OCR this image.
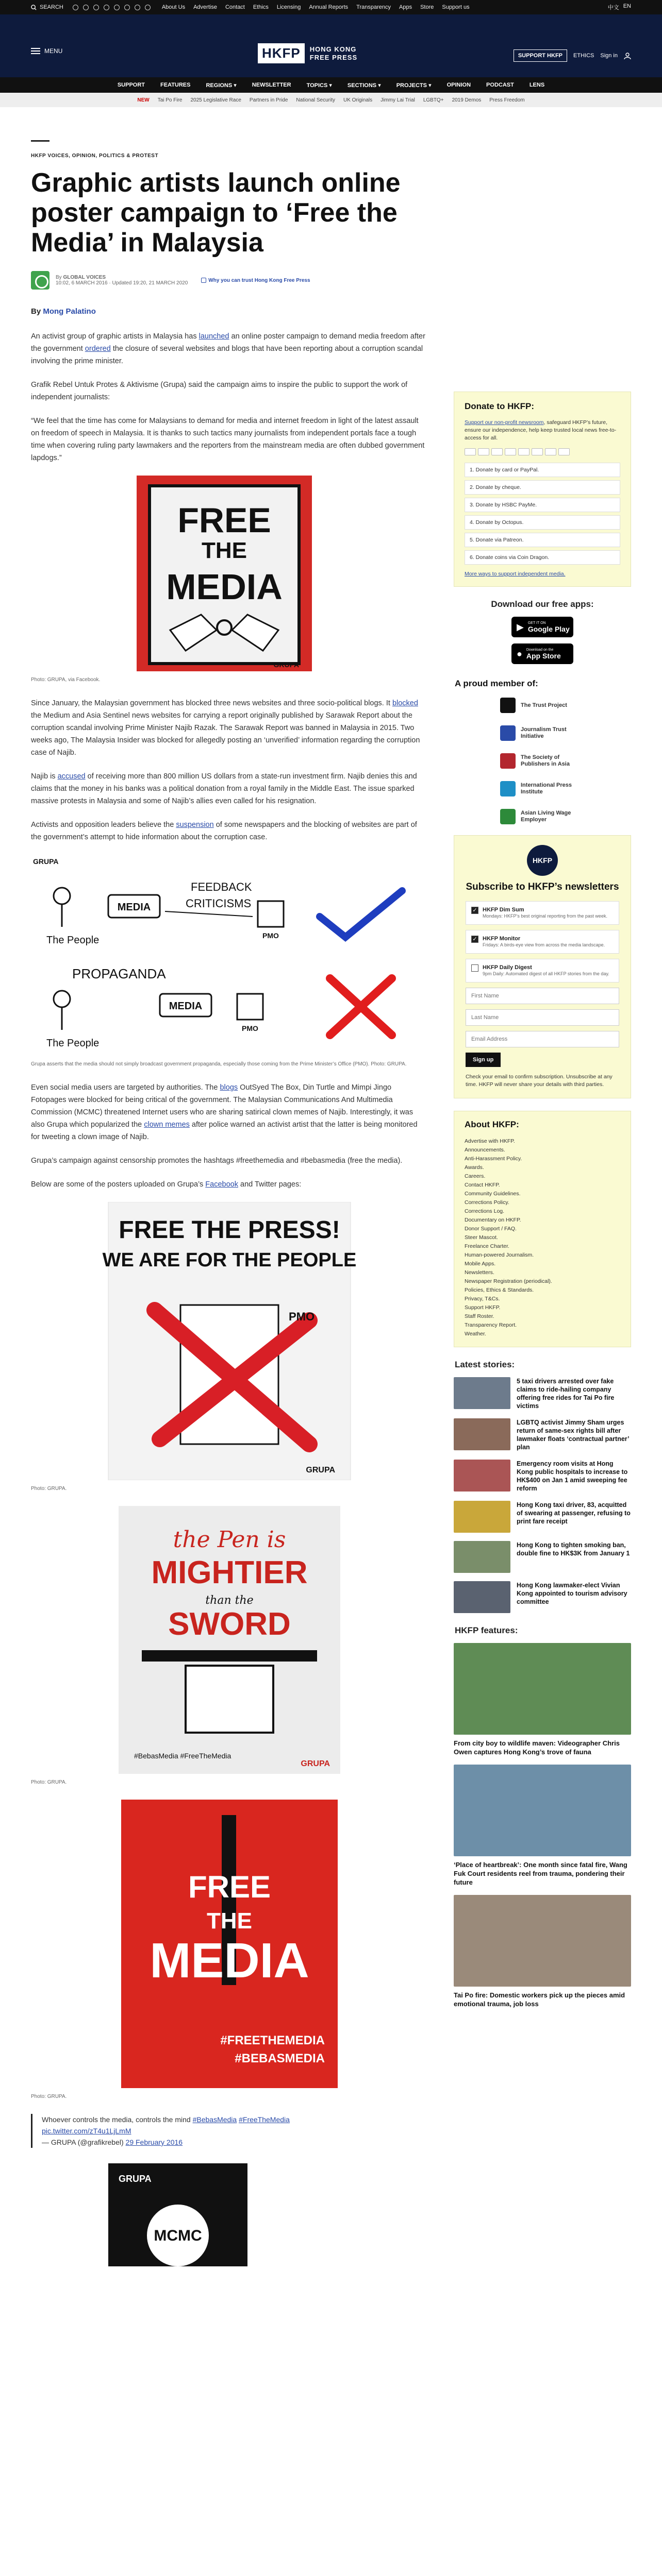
SEARCH	About Us Advertise Contact Ethics Licensing Annual Reports Transparency Apps Store Support us	中文 EN
MENU	HKFP	HONG KONG
FREE PRESS	SUPPORT HKFP	ETHICS Sign in
SUPPORT	FEATURES	REGIONS ▾	NEWSLETTER	TOPICS ▾	SECTIONS ▾	PROJECTS ▾	OPINION	PODCAST	LENS
NEW Tai Po Fire 2025 Legislative Race Partners in Pride National Security UK Originals Jimmy Lai Trial LGBTQ+ 2019 Demos Press Freedom
HKFP VOICES, OPINION, POLITICS & PROTEST
Graphic artists launch online poster campaign to ‘Free the Media’ in Malaysia
By GLOBAL VOICES
10:02, 6 MARCH 2016 · Updated 19:20, 21 MARCH 2020	Why you can trust Hong Kong Free Press
By Mong Palatino

An activist group of graphic artists in Malaysia has launched an online poster campaign to demand media freedom after the government ordered the closure of several websites and blogs that have been reporting about a corruption scandal involving the prime minister.

Grafik Rebel Untuk Protes & Aktivisme (Grupa) said the campaign aims to inspire the public to support the work of independent journalists:

“We feel that the time has come for Malaysians to demand for media and internet freedom in light of the latest assault on freedom of speech in Malaysia. It is thanks to such tactics many journalists from independent portals face a tough time when covering ruling party lawmakers and the reporters from the mainstream media are often dubbed government lapdogs.”

FREE
THE
MEDIA
GRUPA
Photo: GRUPA, via Facebook.

Since January, the Malaysian government has blocked three news websites and three socio-political blogs. It blocked the Medium and Asia Sentinel news websites for carrying a report originally published by Sarawak Report about the corruption scandal involving Prime Minister Najib Razak. The Sarawak Report was banned in Malaysia in 2015. Two weeks ago, The Malaysia Insider was blocked for allegedly posting an ‘unverified’ information regarding the corruption case of Najib.

Najib is accused of receiving more than 800 million US dollars from a state-run investment firm. Najib denies this and claims that the money in his banks was a political donation from a royal family in the Middle East. The issue sparked massive protests in Malaysia and some of Najib’s allies even called for his resignation.

Activists and opposition leaders believe the suspension of some newspapers and the blocking of websites are part of the government’s attempt to hide information about the corruption case.

GRUPA
The People
MEDIA
FEEDBACK
CRITICISMS
PMO
PROPAGANDA
The People
MEDIA
PMO
Grupa asserts that the media should not simply broadcast government propaganda, especially those coming from the Prime Minister’s Office (PMO). Photo: GRUPA.

Even social media users are targeted by authorities. The blogs OutSyed The Box, Din Turtle and Mimpi Jingo Fotopages were blocked for being critical of the government. The Malaysian Communications And Multimedia Commission (MCMC) threatened Internet users who are sharing satirical clown memes of Najib. Interestingly, it was also Grupa which popularized the clown memes after police warned an activist artist that the latter is being monitored for tweeting a clown image of Najib.

Grupa’s campaign against censorship promotes the hashtags #freethemedia and #bebasmedia (free the media).

Below are some of the posters uploaded on Grupa’s Facebook and Twitter pages:

FREE THE PRESS!
WE ARE FOR THE PEOPLE
PMO
GRUPA
Photo: GRUPA.
the Pen is
MIGHTIER
than the
SWORD
#BebasMedia #FreeTheMedia
GRUPA
Photo: GRUPA.
FREE
THE
MEDIA
#FREETHEMEDIA
#BEBASMEDIA
Photo: GRUPA.
Whoever controls the media, controls the mind #BebasMedia #FreeTheMedia
pic.twitter.com/zT4u1LjLmM
— GRUPA (@grafikrebel) 29 February 2016
GRUPA
MCMC
Donate to HKFP:
Support our non-profit newsroom, safeguard HKFP’s future, ensure our independence, help keep trusted local news free-to-access for all.
1. Donate by card or PayPal.
2. Donate by cheque.
3. Donate by HSBC PayMe.
4. Donate by Octopus.
5. Donate via Patreon.
6. Donate coins via Coin Dragon.
More ways to support independent media.
Download our free apps:
▶ GET IT ON
Google Play
● Download on the
App Store
A proud member of:
The Trust Project
Journalism Trust Initiative
The Society of Publishers in Asia
International Press Institute
Asian Living Wage Employer
HKFP
Subscribe to HKFP’s newsletters
✓ HKFP Dim Sum
Mondays: HKFP’s best original reporting from the past week.
✓ HKFP Monitor
Fridays: A birds-eye view from across the media landscape.
HKFP Daily Digest
9pm Daily: Automated digest of all HKFP stories from the day.
First Name Last Name Email Address Sign up
Check your email to confirm subscription. Unsubscribe at any time. HKFP will never share your details with third parties.
About HKFP:
Advertise with HKFP.
Announcements.
Anti-Harassment Policy.
Awards.
Careers.
Contact HKFP.
Community Guidelines.
Corrections Policy.
Corrections Log.
Documentary on HKFP.
Donor Support / FAQ.
Steer Mascot.
Freelance Charter.
Human-powered Journalism.
Mobile Apps.
Newsletters.
Newspaper Registration (periodical).
Policies, Ethics & Standards.
Privacy, T&Cs.
Support HKFP.
Staff Roster.
Transparency Report.
Weather.
Latest stories:
5 taxi drivers arrested over fake claims to ride-hailing company offering free rides for Tai Po fire victims
LGBTQ activist Jimmy Sham urges return of same-sex rights bill after lawmaker floats ‘contractual partner’ plan
Emergency room visits at Hong Kong public hospitals to increase to HK$400 on Jan 1 amid sweeping fee reform
Hong Kong taxi driver, 83, acquitted of swearing at passenger, refusing to print fare receipt
Hong Kong to tighten smoking ban, double fine to HK$3K from January 1
Hong Kong lawmaker-elect Vivian Kong appointed to tourism advisory committee
HKFP features:
From city boy to wildlife maven: Videographer Chris Owen captures Hong Kong’s trove of fauna
‘Place of heartbreak’: One month since fatal fire, Wang Fuk Court residents reel from trauma, pondering their future
Tai Po fire: Domestic workers pick up the pieces amid emotional trauma, job loss
